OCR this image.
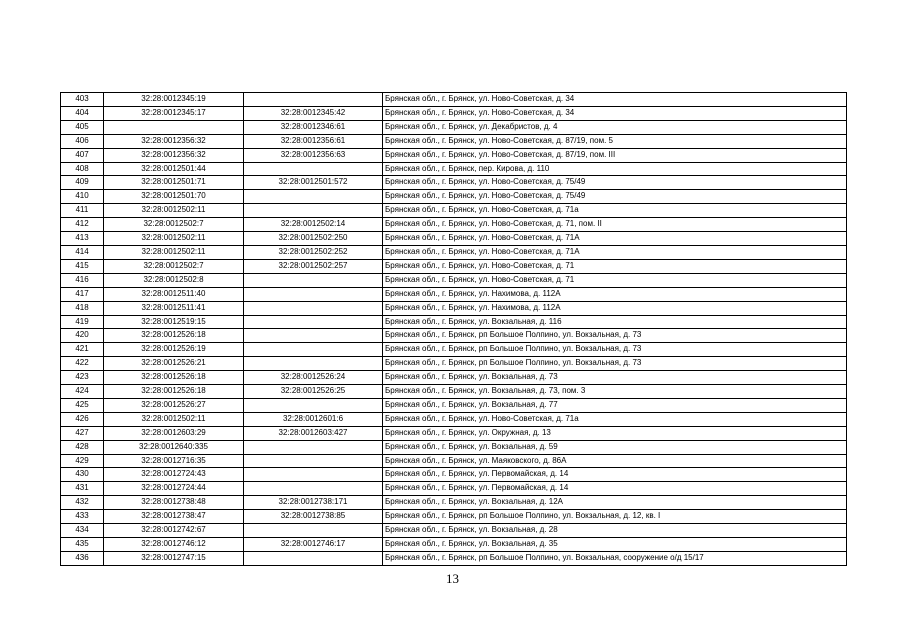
403	32:28:0012345:19		Брянская обл., г. Брянск, ул. Ново-Советская, д. 34
404	32:28:0012345:17	32:28:0012345:42	Брянская обл., г. Брянск, ул. Ново-Советская, д. 34
405		32:28:0012346:61	Брянская обл., г. Брянск, ул. Декабристов, д. 4
406	32:28:0012356:32	32:28:0012356:61	Брянская обл., г. Брянск, ул. Ново-Советская, д. 87/19, пом. 5
407	32:28:0012356:32	32:28:0012356:63	Брянская обл., г. Брянск, ул. Ново-Советская, д. 87/19, пом. III
408	32:28:0012501:44		Брянская обл., г. Брянск, пер. Кирова, д. 110
409	32:28:0012501:71	32:28:0012501:572	Брянская обл., г. Брянск, ул. Ново-Советская, д. 75/49
410	32:28:0012501:70		Брянская обл., г. Брянск, ул. Ново-Советская, д. 75/49
411	32:28:0012502:11		Брянская обл., г. Брянск, ул. Ново-Советская, д. 71а
412	32:28:0012502:7	32:28:0012502:14	Брянская обл., г. Брянск, ул. Ново-Советская, д. 71, пом. II
413	32:28:0012502:11	32:28:0012502:250	Брянская обл., г. Брянск, ул. Ново-Советская, д. 71А
414	32:28:0012502:11	32:28:0012502:252	Брянская обл., г. Брянск, ул. Ново-Советская, д. 71А
415	32:28:0012502:7	32:28:0012502:257	Брянская обл., г. Брянск, ул. Ново-Советская, д. 71
416	32:28:0012502:8		Брянская обл., г. Брянск, ул. Ново-Советская, д. 71
417	32:28:0012511:40		Брянская обл., г. Брянск, ул. Нахимова, д. 112А
418	32:28:0012511:41		Брянская обл., г. Брянск, ул. Нахимова, д. 112А
419	32:28:0012519:15		Брянская обл., г. Брянск, ул. Вокзальная, д. 116
420	32:28:0012526:18		Брянская обл., г. Брянск, рп Большое Полпино, ул. Вокзальная, д. 73
421	32:28:0012526:19		Брянская обл., г. Брянск, рп Большое Полпино, ул. Вокзальная, д. 73
422	32:28:0012526:21		Брянская обл., г. Брянск, рп Большое Полпино, ул. Вокзальная, д. 73
423	32:28:0012526:18	32:28:0012526:24	Брянская обл., г. Брянск, ул. Вокзальная, д. 73
424	32:28:0012526:18	32:28:0012526:25	Брянская обл., г. Брянск, ул. Вокзальная, д. 73, пом. 3
425	32:28:0012526:27		Брянская обл., г. Брянск, ул. Вокзальная, д. 77
426	32:28:0012502:11	32:28:0012601:6	Брянская обл., г. Брянск, ул. Ново-Советская, д. 71а
427	32:28:0012603:29	32:28:0012603:427	Брянская обл., г. Брянск, ул. Окружная, д. 13
428	32:28:0012640:335		Брянская обл., г. Брянск, ул. Вокзальная, д. 59
429	32:28:0012716:35		Брянская обл., г. Брянск, ул. Маяковского, д. 86А
430	32:28:0012724:43		Брянская обл., г. Брянск, ул. Первомайская, д. 14
431	32:28:0012724:44		Брянская обл., г. Брянск, ул. Первомайская, д. 14
432	32:28:0012738:48	32:28:0012738:171	Брянская обл., г. Брянск, ул. Вокзальная, д. 12А
433	32:28:0012738:47	32:28:0012738:85	Брянская обл., г. Брянск, рп Большое Полпино, ул. Вокзальная, д. 12, кв. I
434	32:28:0012742:67		Брянская обл., г. Брянск, ул. Вокзальная, д. 28
435	32:28:0012746:12	32:28:0012746:17	Брянская обл., г. Брянск, ул. Вокзальная, д. 35
436	32:28:0012747:15		Брянская обл., г. Брянск, рп Большое Полпино, ул. Вокзальная, сооружение о/д 15/17
13
